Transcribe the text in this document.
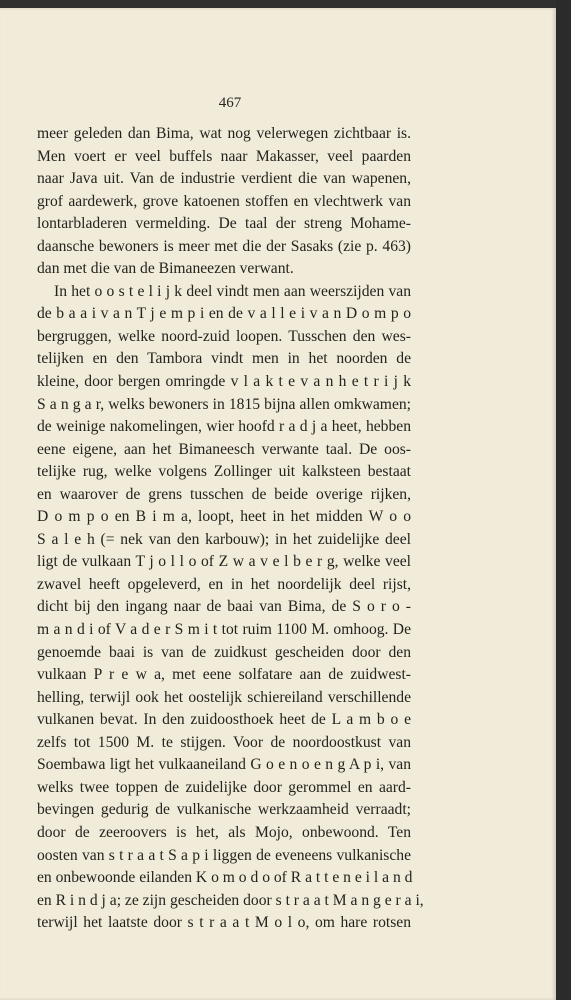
467
meer geleden dan Bima, wat nog velerwegen zichtbaar is.
Men voert er veel buffels naar Makasser, veel paarden
naar Java uit. Van de industrie verdient die van wapenen,
grof aardewerk, grove katoenen stoffen en vlechtwerk van
lontarbladeren vermelding. De taal der streng Mohame-
daansche bewoners is meer met die der Sasaks (zie p. 463)
dan met die van de Bimaneezen verwant.
In het o o s t e l i j k deel vindt men aan weerszijden van
de b a a i v a n T j e m p i en de v a l l e i v a n D o m p o
bergruggen, welke noord-zuid loopen. Tusschen den wes-
telijken en den Tambora vindt men in het noorden de
kleine, door bergen omringde v l a k t e v a n h e t r i j k
S a n g a r, welks bewoners in 1815 bijna allen omkwamen;
de weinige nakomelingen, wier hoofd r a d j a heet, hebben
eene eigene, aan het Bimaneesch verwante taal. De oos-
telijke rug, welke volgens Zollinger uit kalksteen bestaat
en waarover de grens tusschen de beide overige rijken,
D o m p o en B i m a, loopt, heet in het midden W o o
S a l e h (= nek van den karbouw); in het zuidelijke deel
ligt de vulkaan T j o l l o of Z w a v e l b e r g, welke veel
zwavel heeft opgeleverd, en in het noordelijk deel rijst,
dicht bij den ingang naar de baai van Bima, de S o r o -
m a n d i of V a d e r S m i t tot ruim 1100 M. omhoog. De
genoemde baai is van de zuidkust gescheiden door den
vulkaan P r e w a, met eene solfatare aan de zuidwest-
helling, terwijl ook het oostelijk schiereiland verschillende
vulkanen bevat. In den zuidoosthoek heet de L a m b o e
zelfs tot 1500 M. te stijgen. Voor de noordoostkust van
Soembawa ligt het vulkaaneiland G o e n o e n g A p i, van
welks twee toppen de zuidelijke door gerommel en aard-
bevingen gedurig de vulkanische werkzaamheid verraadt;
door de zeeroovers is het, als Mojo, onbewoond. Ten
oosten van s t r a a t S a p i liggen de eveneens vulkanische
en onbewoonde eilanden K o m o d o of R a t t e n e i l a n d
en R i n d j a; ze zijn gescheiden door s t r a a t M a n g e r a i,
terwijl het laatste door s t r a a t M o l o, om hare rotsen
